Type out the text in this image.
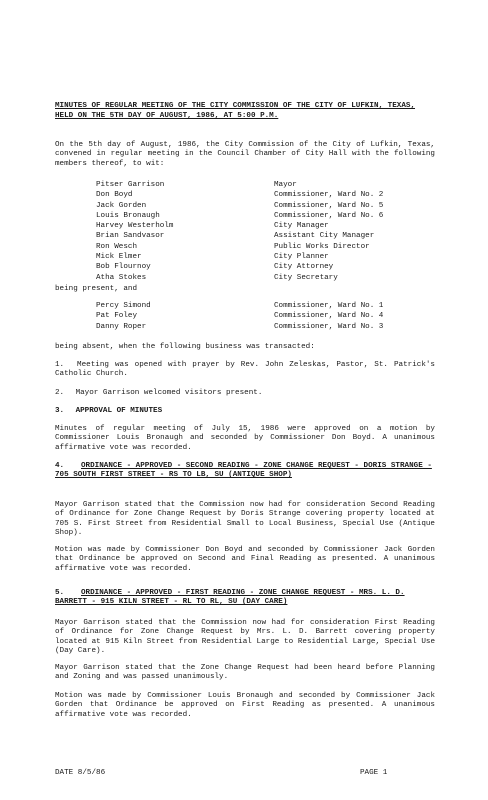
MINUTES OF REGULAR MEETING OF THE CITY COMMISSION OF THE CITY OF LUFKIN, TEXAS, HELD ON THE 5TH DAY OF AUGUST, 1986, AT 5:00 P.M.
On the 5th day of August, 1986, the City Commission of the City of Lufkin, Texas, convened in regular meeting in the Council Chamber of City Hall with the following members thereof, to wit:
Pitser Garrison	Mayor
Don Boyd	Commissioner, Ward No. 2
Jack Gorden	Commissioner, Ward No. 5
Louis Bronaugh	Commissioner, Ward No. 6
Harvey Westerholm	City Manager
Brian Sandvasor	Assistant City Manager
Ron Wesch	Public Works Director
Mick Elmer	City Planner
Bob Flournoy	City Attorney
Atha Stokes	City Secretary
being present, and
Percy Simond	Commissioner, Ward No. 1
Pat Foley	Commissioner, Ward No. 4
Danny Roper	Commissioner, Ward No. 3
being absent, when the following business was transacted:
1. Meeting was opened with prayer by Rev. John Zeleskas, Pastor, St. Patrick's Catholic Church.
2. Mayor Garrison welcomed visitors present.
3. APPROVAL OF MINUTES
Minutes of regular meeting of July 15, 1986 were approved on a motion by Commissioner Louis Bronaugh and seconded by Commissioner Don Boyd. A unanimous affirmative vote was recorded.
4. ORDINANCE - APPROVED - SECOND READING - ZONE CHANGE REQUEST - DORIS STRANGE - 705 SOUTH FIRST STREET - RS TO LB, SU (ANTIQUE SHOP)
Mayor Garrison stated that the Commission now had for consideration Second Reading of Ordinance for Zone Change Request by Doris Strange covering property located at 705 S. First Street from Residential Small to Local Business, Special Use (Antique Shop).
Motion was made by Commissioner Don Boyd and seconded by Commissioner Jack Gorden that Ordinance be approved on Second and Final Reading as presented. A unanimous affirmative vote was recorded.
5. ORDINANCE - APPROVED - FIRST READING - ZONE CHANGE REQUEST - MRS. L. D. BARRETT - 915 KILN STREET - RL TO RL, SU (DAY CARE)
Mayor Garrison stated that the Commission now had for consideration First Reading of Ordinance for Zone Change Request by Mrs. L. D. Barrett covering property located at 915 Kiln Street from Residential Large to Residential Large, Special Use (Day Care).
Mayor Garrison stated that the Zone Change Request had been heard before Planning and Zoning and was passed unanimously.
Motion was made by Commissioner Louis Bronaugh and seconded by Commissioner Jack Gorden that Ordinance be approved on First Reading as presented. A unanimous affirmative vote was recorded.
DATE 8/5/86	PAGE 1
